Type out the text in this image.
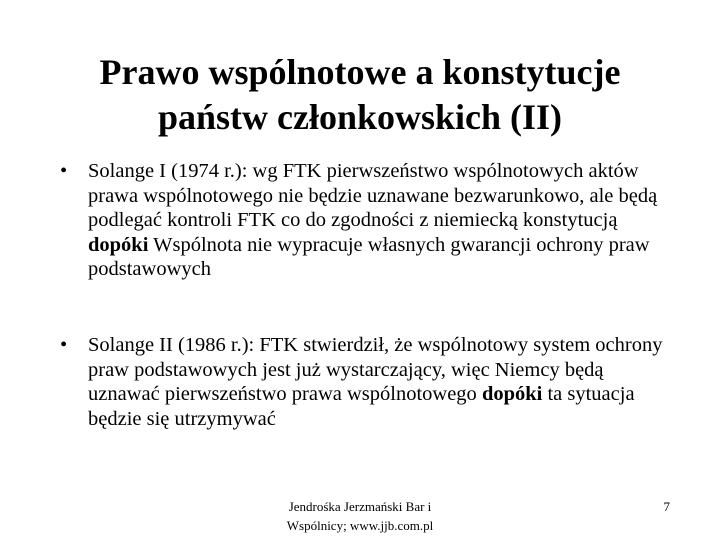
Prawo wspólnotowe a konstytucje
państw członkowskich (II)
•	Solange I (1974 r.): wg FTK pierwszeństwo wspólnotowych aktów prawa wspólnotowego nie będzie uznawane bezwarunkowo, ale będą podlegać kontroli FTK co do zgodności z niemiecką konstytucją dopóki Wspólnota nie wypracuje własnych gwarancji ochrony praw podstawowych
•	Solange II (1986 r.): FTK stwierdził, że wspólnotowy system ochrony praw podstawowych jest już wystarczający, więc Niemcy będą uznawać pierwszeństwo prawa wspólnotowego dopóki ta sytuacja będzie się utrzymywać
Jendrośka Jerzmański Bar i
Wspólnicy; www.jjb.com.pl
7
